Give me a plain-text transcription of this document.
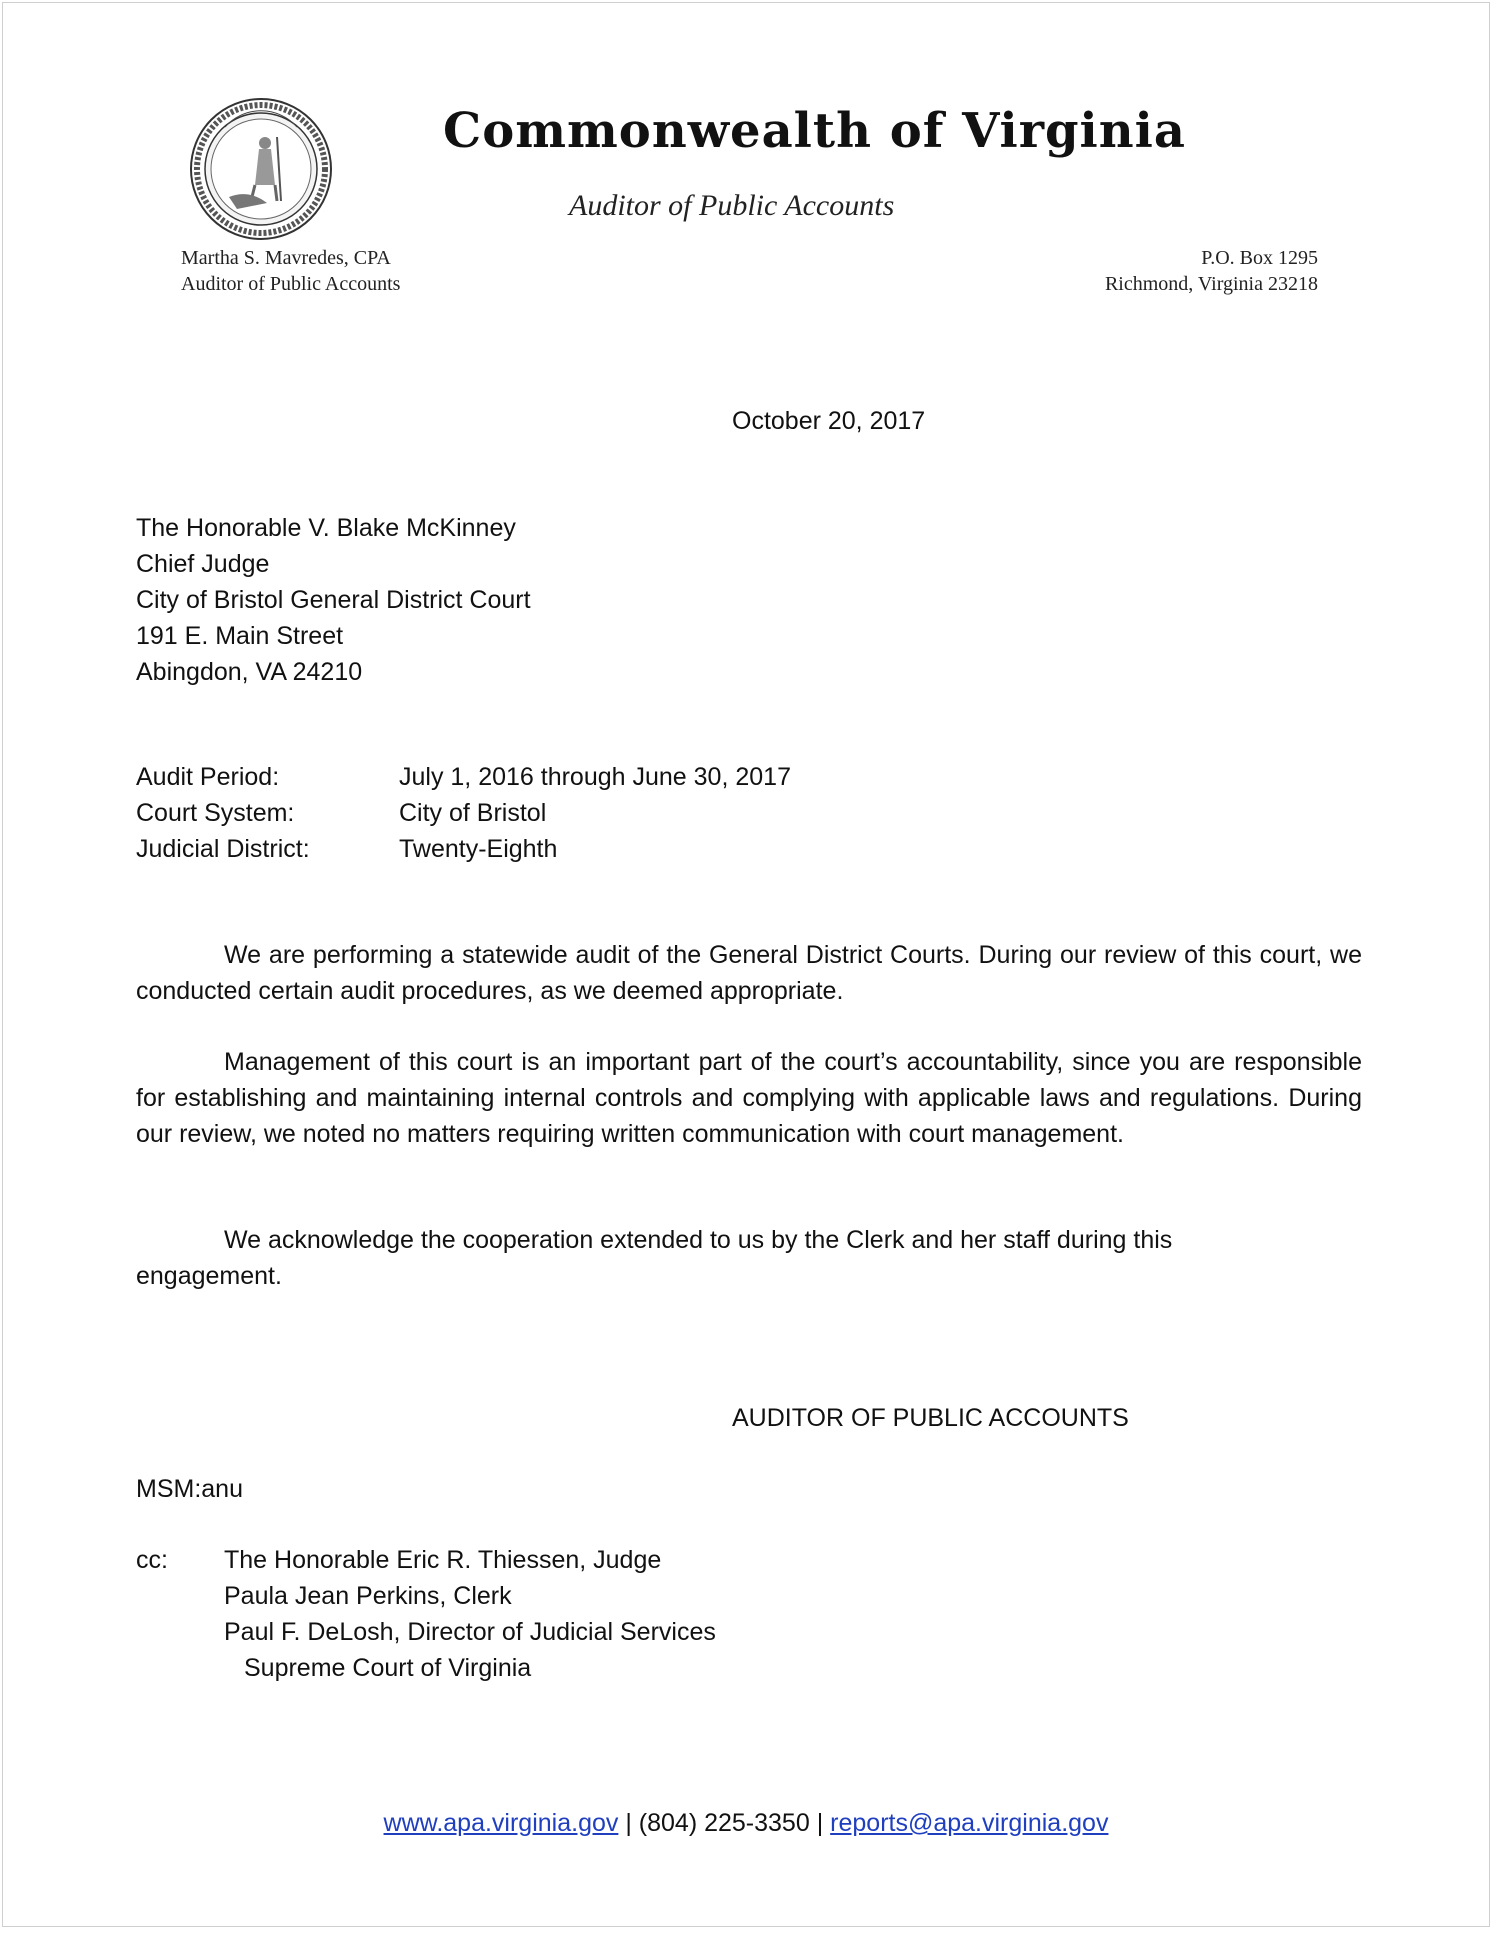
Commonwealth of Virginia
Auditor of Public Accounts
Martha S. Mavredes, CPA
Auditor of Public Accounts
P.O. Box 1295
Richmond, Virginia 23218
October 20, 2017
The Honorable V. Blake McKinney
Chief Judge
City of Bristol General District Court
191 E. Main Street
Abingdon, VA 24210
Audit Period:	July 1, 2016 through June 30, 2017
Court System:	City of Bristol
Judicial District:	Twenty-Eighth
We are performing a statewide audit of the General District Courts. During our review of this court, we conducted certain audit procedures, as we deemed appropriate.
Management of this court is an important part of the court’s accountability, since you are responsible for establishing and maintaining internal controls and complying with applicable laws and regulations. During our review, we noted no matters requiring written communication with court management.
We acknowledge the cooperation extended to us by the Clerk and her staff during this engagement.
AUDITOR OF PUBLIC ACCOUNTS
MSM:anu
cc: The Honorable Eric R. Thiessen, Judge
Paula Jean Perkins, Clerk
Paul F. DeLosh, Director of Judicial Services
Supreme Court of Virginia
www.apa.virginia.gov | (804) 225-3350 | reports@apa.virginia.gov
